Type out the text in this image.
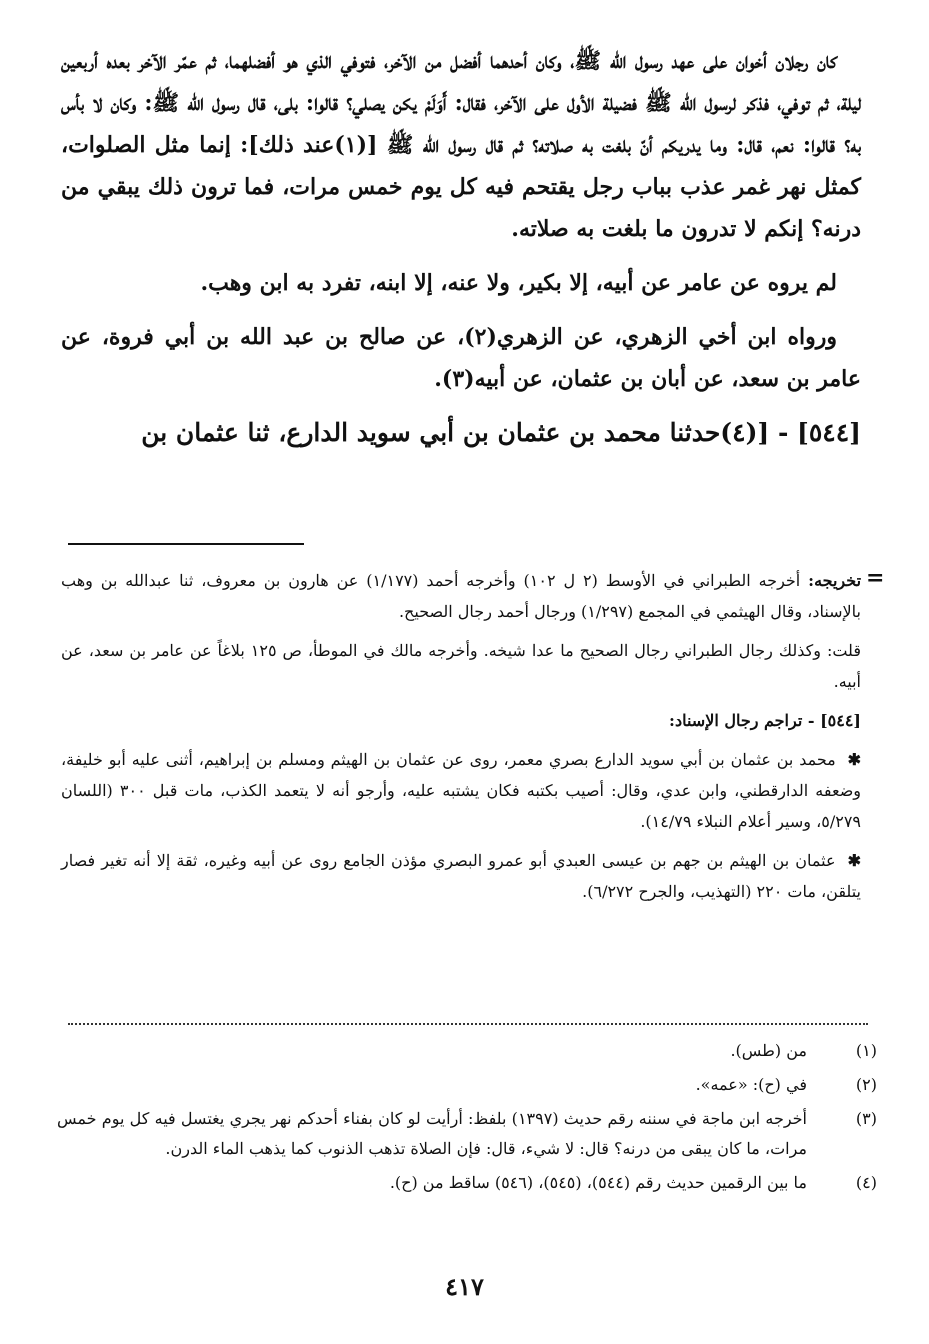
كان رجلان أخوان على عهد رسول الله ﷺ، وكان أحدهما أفضل من الآخر، فتوفي الذي هو أفضلهما، ثم عمّر الآخر بعده أربعين ليلة، ثم توفي، فذكر لرسول الله ﷺ فضيلة الأول على الآخر، فقال: أَوَلَمْ يكن يصلي؟ قالوا: بلى، قال رسول الله ﷺ: وكان لا بأس به؟ قالوا: نعم، قال: وما يدريكم أنّ بلغت به صلاته؟ ثم قال رسول الله ﷺ [(١)عند ذلك]: إنما مثل الصلوات، كمثل نهر غمر عذب بباب رجل يقتحم فيه كل يوم خمس مرات، فما ترون ذلك يبقي من درنه؟ إنكم لا تدرون ما بلغت به صلاته.

لم يروه عن عامر عن أبيه، إلا بكير، ولا عنه، إلا ابنه، تفرد به ابن وهب.

ورواه ابن أخي الزهري، عن الزهري(٢)، عن صالح بن عبد الله بن أبي فروة، عن عامر بن سعد، عن أبان بن عثمان، عن أبيه(٣).

[٥٤٤] - [(٤)حدثنا محمد بن عثمان بن أبي سويد الدارع، ثنا عثمان بن

=

تخريجه: أخرجه الطبراني في الأوسط (٢ ل ١٠٢) وأخرجه أحمد (١/١٧٧) عن هارون بن معروف، ثنا عبدالله بن وهب بالإسناد، وقال الهيثمي في المجمع (١/٢٩٧) ورجال أحمد رجال الصحيح.

قلت: وكذلك رجال الطبراني رجال الصحيح ما عدا شيخه. وأخرجه مالك في الموطأ، ص ١٢٥ بلاغاً عن عامر بن سعد، عن أبيه.

[٥٤٤] - تراجم رجال الإسناد:

✱ محمد بن عثمان بن أبي سويد الدارع بصري معمر، روى عن عثمان بن الهيثم ومسلم بن إبراهيم، أثنى عليه أبو خليفة، وضعفه الدارقطني، وابن عدي، وقال: أصيب بكتبه فكان يشتبه عليه، وأرجو أنه لا يتعمد الكذب، مات قبل ٣٠٠ (اللسان ٥/٢٧٩، وسير أعلام النبلاء ١٤/٧٩).

✱ عثمان بن الهيثم بن جهم بن عيسى العبدي أبو عمرو البصري مؤذن الجامع روى عن أبيه وغيره، ثقة إلا أنه تغير فصار يتلقن، مات ٢٢٠ (التهذيب، والجرح ٦/٢٧٢).

(١)
من (طس).
(٢)
في (ح): «عمه».
(٣)
أخرجه ابن ماجة في سننه رقم حديث (١٣٩٧) بلفظ: أرأيت لو كان بفناء أحدكم نهر يجري يغتسل فيه كل يوم خمس مرات، ما كان يبقى من درنه؟ قال: لا شيء، قال: فإن الصلاة تذهب الذنوب كما يذهب الماء الدرن.
(٤)
ما بين الرقمين حديث رقم (٥٤٤)، (٥٤٥)، (٥٤٦) ساقط من (ح).
٤١٧
